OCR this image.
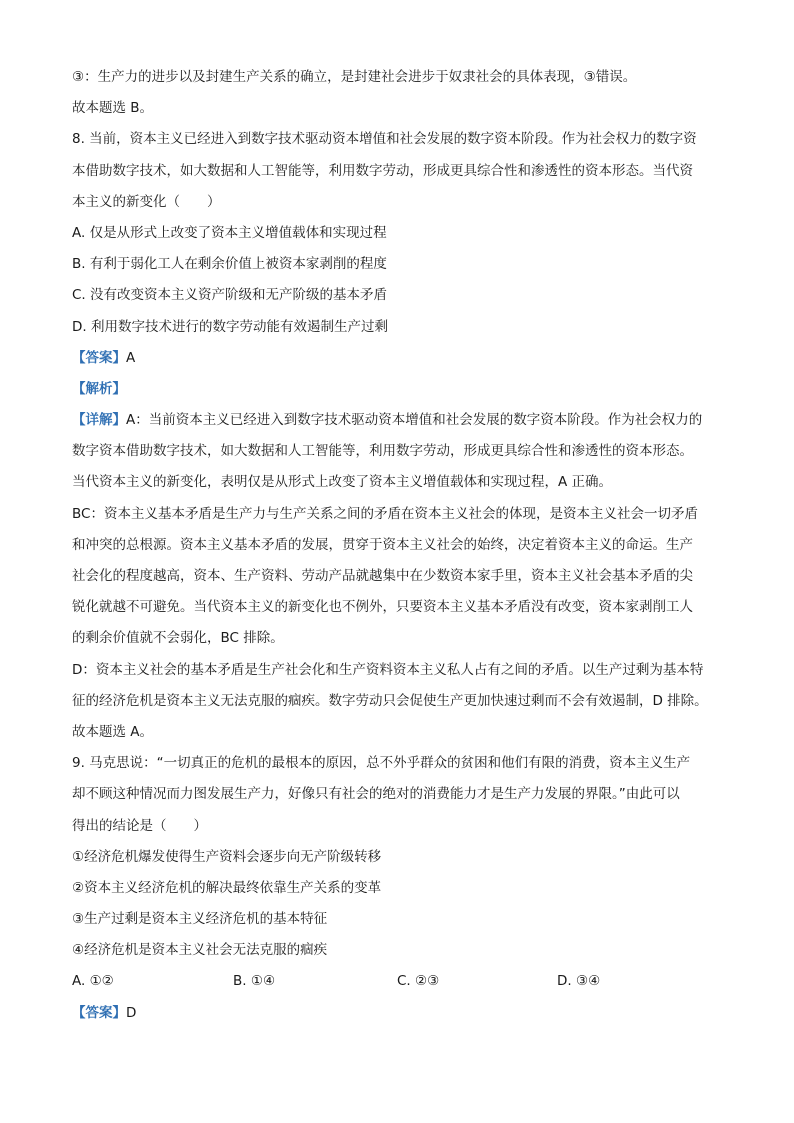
③：生产力的进步以及封建生产关系的确立，是封建社会进步于奴隶社会的具体表现，③错误。
故本题选 B。
8. 当前，资本主义已经进入到数字技术驱动资本增值和社会发展的数字资本阶段。作为社会权力的数字资
本借助数字技术，如大数据和人工智能等，利用数字劳动，形成更具综合性和渗透性的资本形态。当代资
本主义的新变化（　　）
A. 仅是从形式上改变了资本主义增值载体和实现过程
B. 有利于弱化工人在剩余价值上被资本家剥削的程度
C. 没有改变资本主义资产阶级和无产阶级的基本矛盾
D. 利用数字技术进行的数字劳动能有效遏制生产过剩
【答案】A
【解析】
【详解】A：当前资本主义已经进入到数字技术驱动资本增值和社会发展的数字资本阶段。作为社会权力的
数字资本借助数字技术，如大数据和人工智能等，利用数字劳动，形成更具综合性和渗透性的资本形态。
当代资本主义的新变化，表明仅是从形式上改变了资本主义增值载体和实现过程，A 正确。
BC：资本主义基本矛盾是生产力与生产关系之间的矛盾在资本主义社会的体现，是资本主义社会一切矛盾
和冲突的总根源。资本主义基本矛盾的发展，贯穿于资本主义社会的始终，决定着资本主义的命运。生产
社会化的程度越高，资本、生产资料、劳动产品就越集中在少数资本家手里，资本主义社会基本矛盾的尖
锐化就越不可避免。当代资本主义的新变化也不例外，只要资本主义基本矛盾没有改变，资本家剥削工人
的剩余价值就不会弱化，BC 排除。
D：资本主义社会的基本矛盾是生产社会化和生产资料资本主义私人占有之间的矛盾。以生产过剩为基本特
征的经济危机是资本主义无法克服的痼疾。数字劳动只会促使生产更加快速过剩而不会有效遏制，D 排除。
故本题选 A。
9. 马克思说：“一切真正的危机的最根本的原因，总不外乎群众的贫困和他们有限的消费，资本主义生产
却不顾这种情况而力图发展生产力，好像只有社会的绝对的消费能力才是生产力发展的界限。”由此可以
得出的结论是（　　）
①经济危机爆发使得生产资料会逐步向无产阶级转移
②资本主义经济危机的解决最终依靠生产关系的变革
③生产过剩是资本主义经济危机的基本特征
④经济危机是资本主义社会无法克服的痼疾
A. ①②	B. ①④	C. ②③	D. ③④
【答案】D
